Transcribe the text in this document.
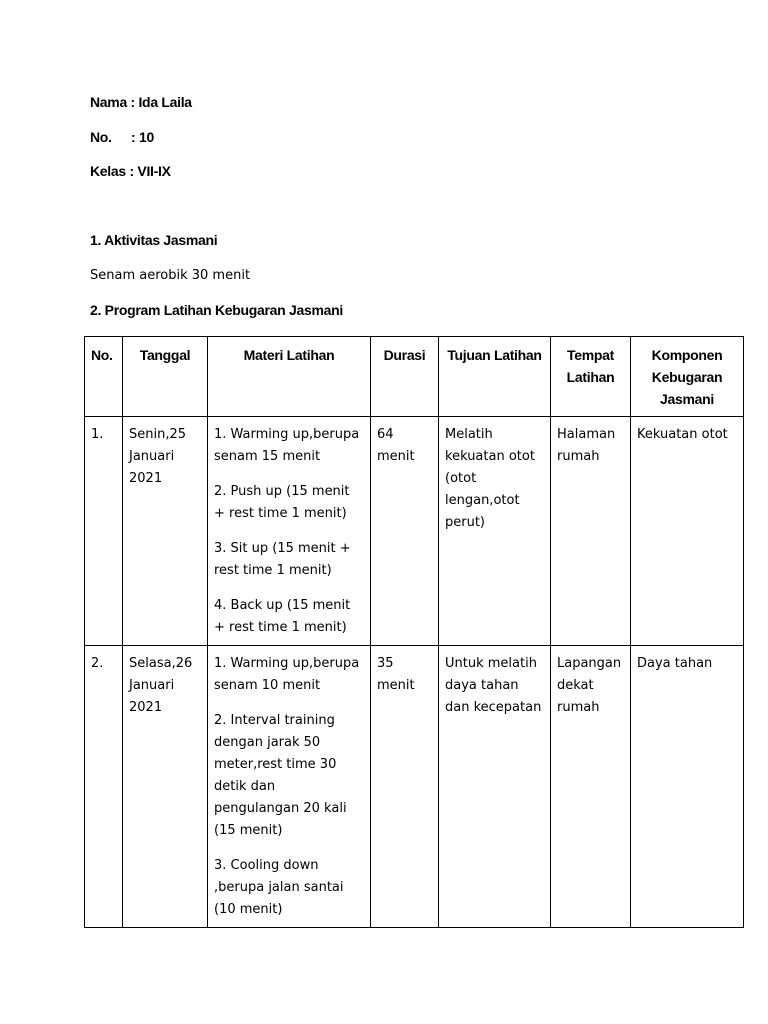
Nama : Ida Laila
No. : 10
Kelas : VII-IX
1. Aktivitas Jasmani
Senam aerobik 30 menit
2. Program Latihan Kebugaran Jasmani
No.	Tanggal	Materi Latihan	Durasi	Tujuan Latihan	Tempat Latihan	Komponen Kebugaran Jasmani
1.	Senin,25 Januari 2021	1. Warming up,berupa senam 15 menit
2. Push up (15 menit + rest time 1 menit)
3. Sit up (15 menit + rest time 1 menit)
4. Back up (15 menit + rest time 1 menit)	64 menit	Melatih kekuatan otot (otot lengan,otot perut)	Halaman rumah	Kekuatan otot
2.	Selasa,26 Januari 2021	1. Warming up,berupa senam 10 menit
2. Interval training dengan jarak 50 meter,rest time 30 detik dan pengulangan 20 kali (15 menit)
3. Cooling down ,berupa jalan santai (10 menit)	35 menit	Untuk melatih daya tahan dan kecepatan	Lapangan dekat rumah	Daya tahan
